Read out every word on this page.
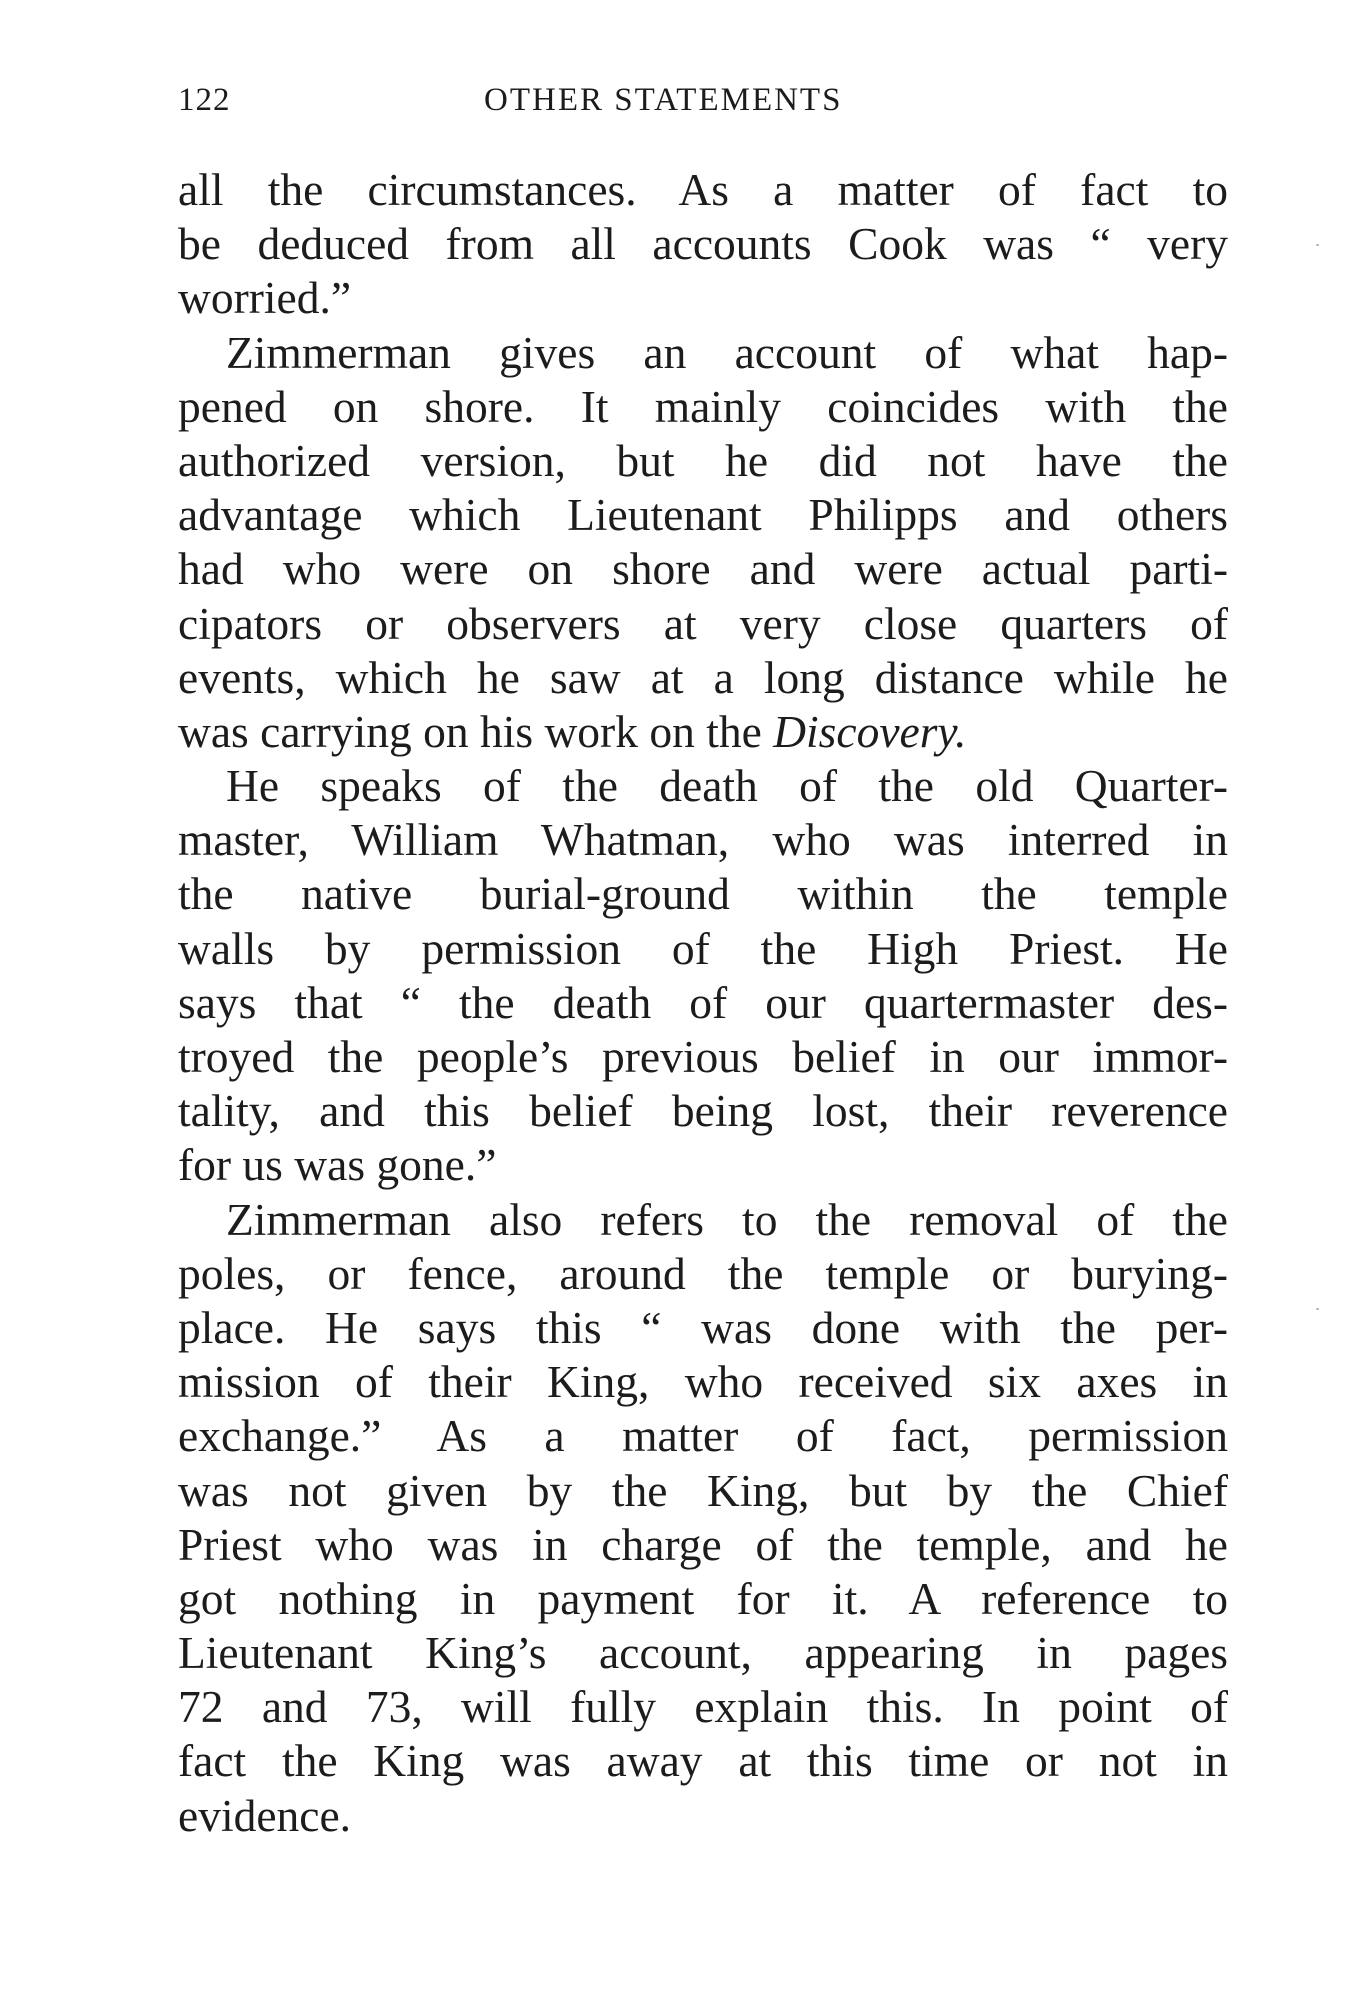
122	OTHER STATEMENTS
all the circumstances. As a matter of fact to
be deduced from all accounts Cook was “ very
worried.”
Zimmerman gives an account of what hap-
pened on shore. It mainly coincides with the
authorized version, but he did not have the
advantage which Lieutenant Philipps and others
had who were on shore and were actual parti-
cipators or observers at very close quarters of
events, which he saw at a long distance while he
was carrying on his work on the Discovery.
He speaks of the death of the old Quarter-
master, William Whatman, who was interred in
the native burial-ground within the temple
walls by permission of the High Priest. He
says that “ the death of our quartermaster des-
troyed the people’s previous belief in our immor-
tality, and this belief being lost, their reverence
for us was gone.”
Zimmerman also refers to the removal of the
poles, or fence, around the temple or burying-
place. He says this “ was done with the per-
mission of their King, who received six axes in
exchange.” As a matter of fact, permission
was not given by the King, but by the Chief
Priest who was in charge of the temple, and he
got nothing in payment for it. A reference to
Lieutenant King’s account, appearing in pages
72 and 73, will fully explain this. In point of
fact the King was away at this time or not in
evidence.
